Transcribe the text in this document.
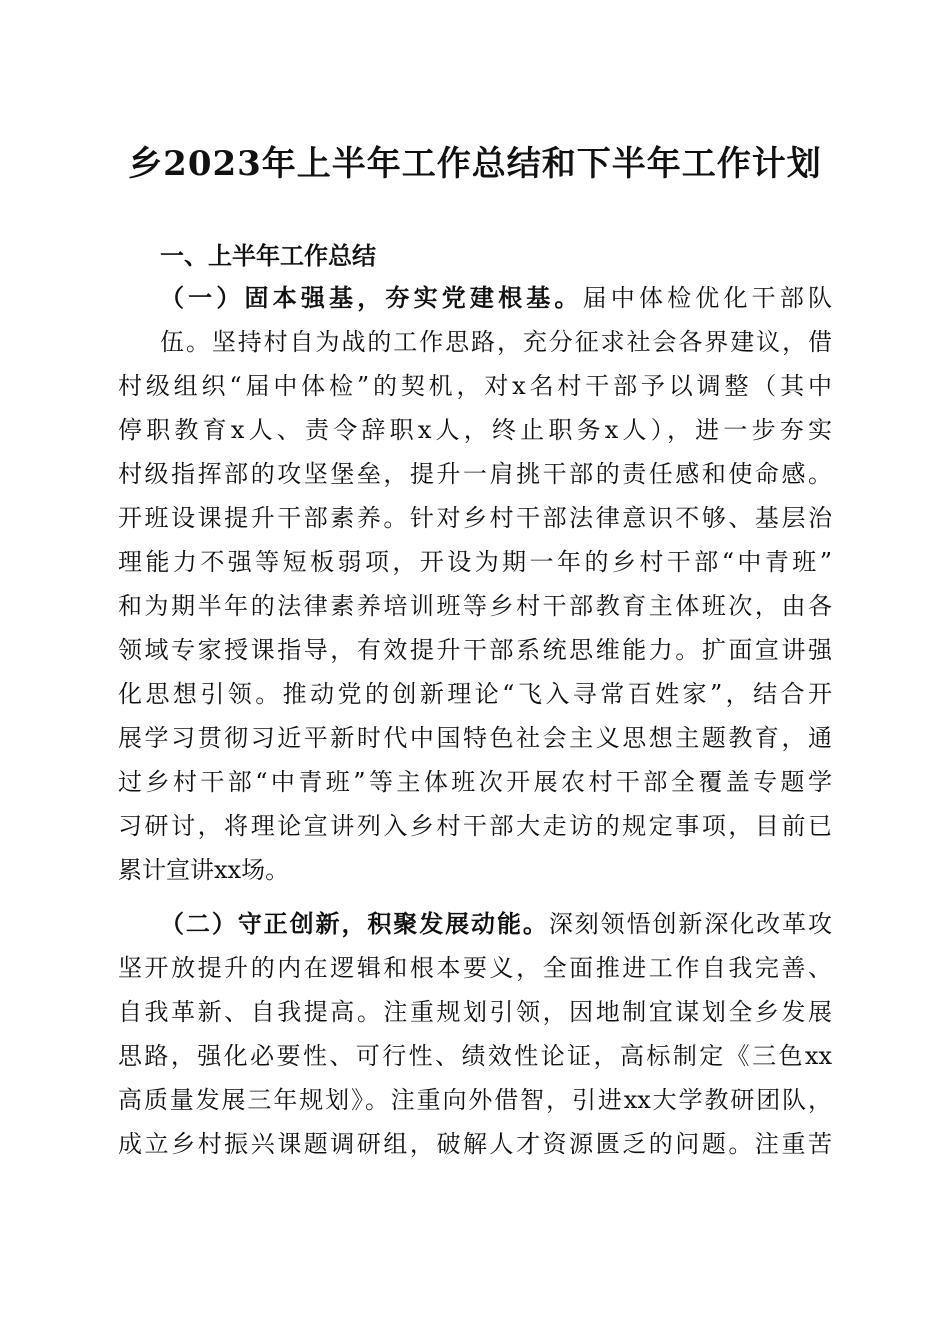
乡2023年上半年工作总结和下半年工作计划
一、上半年工作总结
（一）固本强基，夯实党建根基。届中体检优化干部队
伍。坚持村自为战的工作思路，充分征求社会各界建议，借
村级组织“届中体检”的契机，对x名村干部予以调整（其中
停职教育x人、责令辞职x人，终止职务x人），进一步夯实
村级指挥部的攻坚堡垒，提升一肩挑干部的责任感和使命感。
开班设课提升干部素养。针对乡村干部法律意识不够、基层治
理能力不强等短板弱项，开设为期一年的乡村干部“中青班”
和为期半年的法律素养培训班等乡村干部教育主体班次，由各
领域专家授课指导，有效提升干部系统思维能力。扩面宣讲强
化思想引领。推动党的创新理论“飞入寻常百姓家”，结合开
展学习贯彻习近平新时代中国特色社会主义思想主题教育，通
过乡村干部“中青班”等主体班次开展农村干部全覆盖专题学
习研讨，将理论宣讲列入乡村干部大走访的规定事项，目前已
累计宣讲xx场。
（二）守正创新，积聚发展动能。深刻领悟创新深化改革攻
坚开放提升的内在逻辑和根本要义，全面推进工作自我完善、
自我革新、自我提高。注重规划引领，因地制宜谋划全乡发展
思路，强化必要性、可行性、绩效性论证，高标制定《三色xx
高质量发展三年规划》。注重向外借智，引进xx大学教研团队，
成立乡村振兴课题调研组，破解人才资源匮乏的问题。注重苦
